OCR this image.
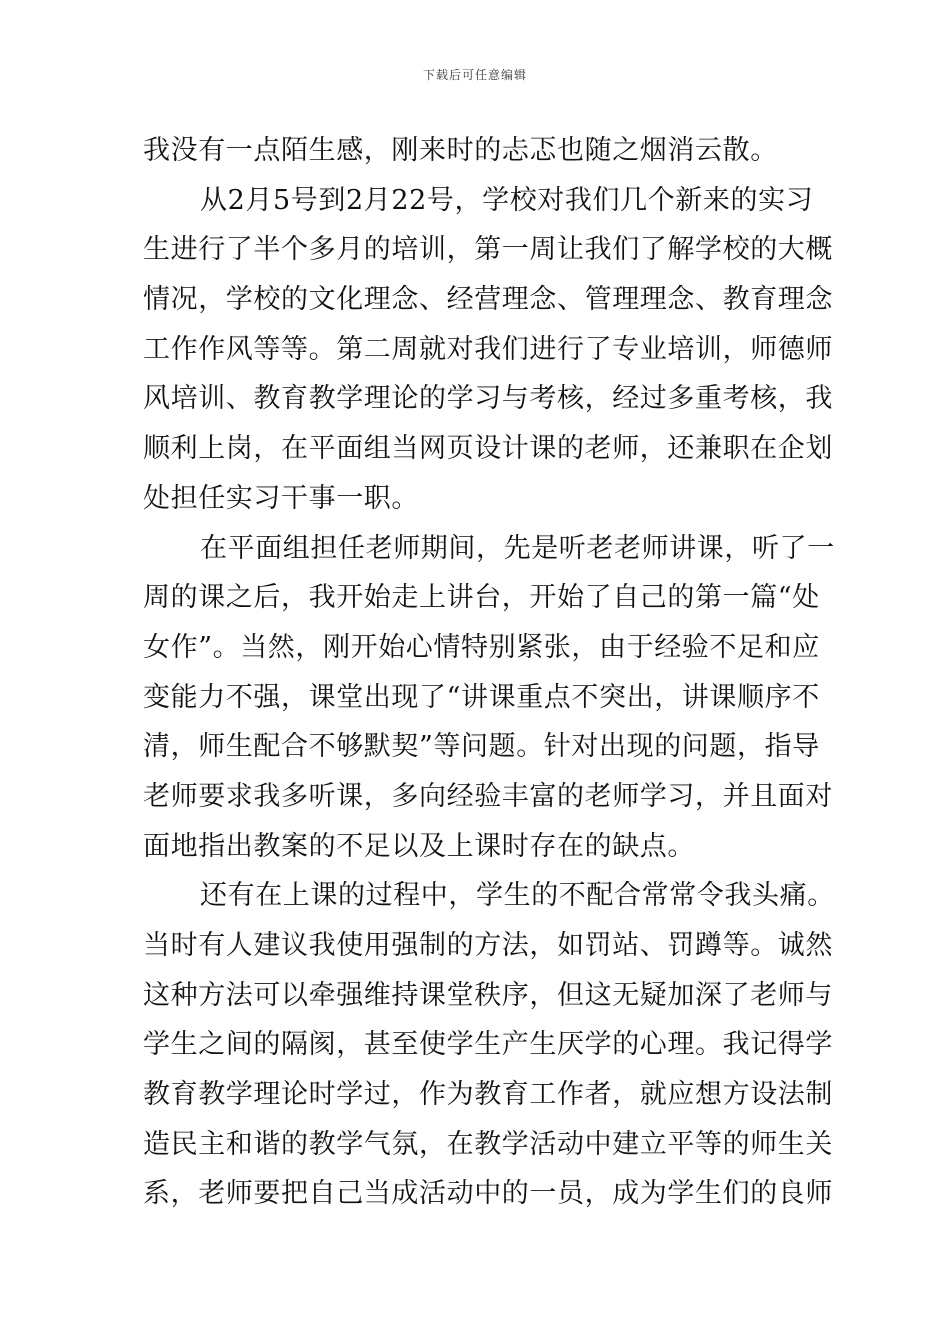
下载后可任意编辑
我没有一点陌生感，刚来时的忐忑也随之烟消云散。
从2月5号到2月22号，学校对我们几个新来的实习
生进行了半个多月的培训，第一周让我们了解学校的大概
情况，学校的文化理念、经营理念、管理理念、教育理念
工作作风等等。第二周就对我们进行了专业培训，师德师
风培训、教育教学理论的学习与考核，经过多重考核，我
顺利上岗，在平面组当网页设计课的老师，还兼职在企划
处担任实习干事一职。
在平面组担任老师期间，先是听老老师讲课，听了一
周的课之后，我开始走上讲台，开始了自己的第一篇“处
女作”。当然，刚开始心情特别紧张，由于经验不足和应
变能力不强，课堂出现了“讲课重点不突出，讲课顺序不
清，师生配合不够默契”等问题。针对出现的问题，指导
老师要求我多听课，多向经验丰富的老师学习，并且面对
面地指出教案的不足以及上课时存在的缺点。
还有在上课的过程中，学生的不配合常常令我头痛。
当时有人建议我使用强制的方法，如罚站、罚蹲等。诚然
这种方法可以牵强维持课堂秩序，但这无疑加深了老师与
学生之间的隔阂，甚至使学生产生厌学的心理。我记得学
教育教学理论时学过，作为教育工作者，就应想方设法制
造民主和谐的教学气氛，在教学活动中建立平等的师生关
系，老师要把自己当成活动中的一员，成为学生们的良师
